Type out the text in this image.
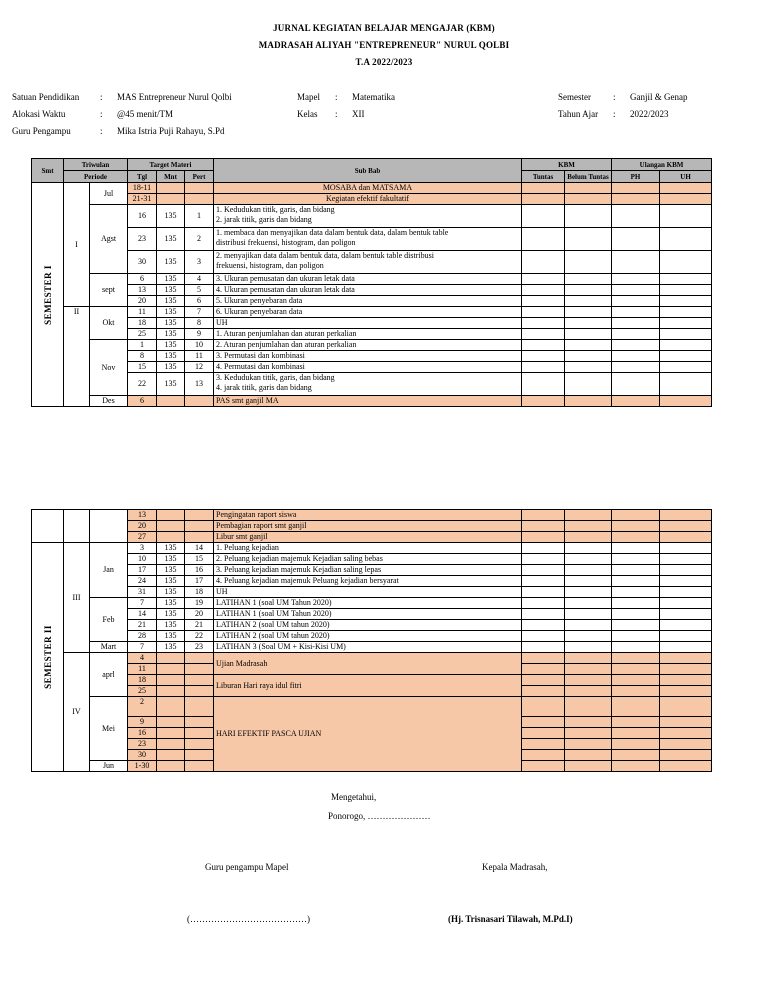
JURNAL KEGIATAN BELAJAR MENGAJAR (KBM)
MADRASAH ALIYAH "ENTREPRENEUR" NURUL QOLBI
T.A 2022/2023
Satuan Pendidikan : MAS Entrepreneur Nurul Qolbi
Alokasi Waktu	: @45 menit/TM
Guru Pengampu	: Mika Istria Puji Rahayu, S.Pd
Mapel : Matematika
Kelas : XII
Semester : Ganjil & Genap
Tahun Ajar : 2022/2023
Smt	Triwulan		Target Materi			Sub Bab	KBM		Ulangan KBM	
	Periode		Tgl	Mnt	Pert		Tuntas	Belum Tuntas	PH	UH

SEMESTER I	I	Jul	18-11			MOSABA dan MATSAMA				

			21-31			Kegiatan efektif fakultatif				

		Agst	16	135	1	1. Kedudukan titik, garis, dan bidang
2. jarak titik, garis dan bidang				

			23	135	2	1. membaca dan menyajikan data dalam bentuk data, dalam bentuk table
distribusi frekuensi, histogram, dan poligon				

			30	135	3	2. menyajikan data dalam bentuk data, dalam bentuk table distribusi
frekuensi, histogram, dan poligon				

		sept	6	135	4	3. Ukuran pemusatan dan ukuran letak data				

			13	135	5	4. Ukuran pemusatan dan ukuran letak data				

			20	135	6	5. Ukuran penyebaran data				

	II	Okt	11	135	7	6. Ukuran penyebaran data				

			18	135	8	UH				

			25	135	9	1. Aturan penjumlahan dan aturan perkalian				

		Nov	1	135	10	2. Aturan penjumlahan dan aturan perkalian				

			8	135	11	3. Permutasi dan kombinasi				

			15	135	12	4. Permutasi dan kombinasi				

			22	135	13	3. Kedudukan titik, garis, dan bidang
4. jarak titik, garis dan bidang				

		Des	6			PAS smt ganjil MA				

			13			Pengingatan raport siswa				
			20			Pembagian raport smt ganjil				
			27			Libur smt ganjil				

SEMESTER II	III	Jan	3	135	14	1. Peluang kejadian				

			10	135	15	2. Peluang kejadian majemuk Kejadian saling bebas				

			17	135	16	3. Peluang kejadian majemuk Kejadian saling lepas				

			24	135	17	4. Peluang kejadian majemuk Peluang kejadian bersyarat				

			31	135	18	UH				

		Feb	7	135	19	LATIHAN 1 (soal UM Tahun 2020)				

			14	135	20	LATIHAN 1 (soal UM Tahun 2020)				

			21	135	21	LATIHAN 2 (soal UM tahun 2020)				

			28	135	22	LATIHAN 2 (soal UM tahun 2020)				

		Mart	7	135	23	LATIHAN 3 (Soal UM + Kisi-Kisi UM)				

	IV	aprl	4			Ujian Madrasah				
			11							
			18			Liburan Hari raya idul fitri				
			25							
		Mei	2			HARI EFEKTIF PASCA UJIAN				
			9							
			16							
			23							
			30							
		Jun	1-30							
Mengetahui,
Ponorogo, …………………
Guru pengampu Mapel	Kepala Madrasah,
(…………………………………)	(Hj. Trisnasari Tilawah, M.Pd.I)
